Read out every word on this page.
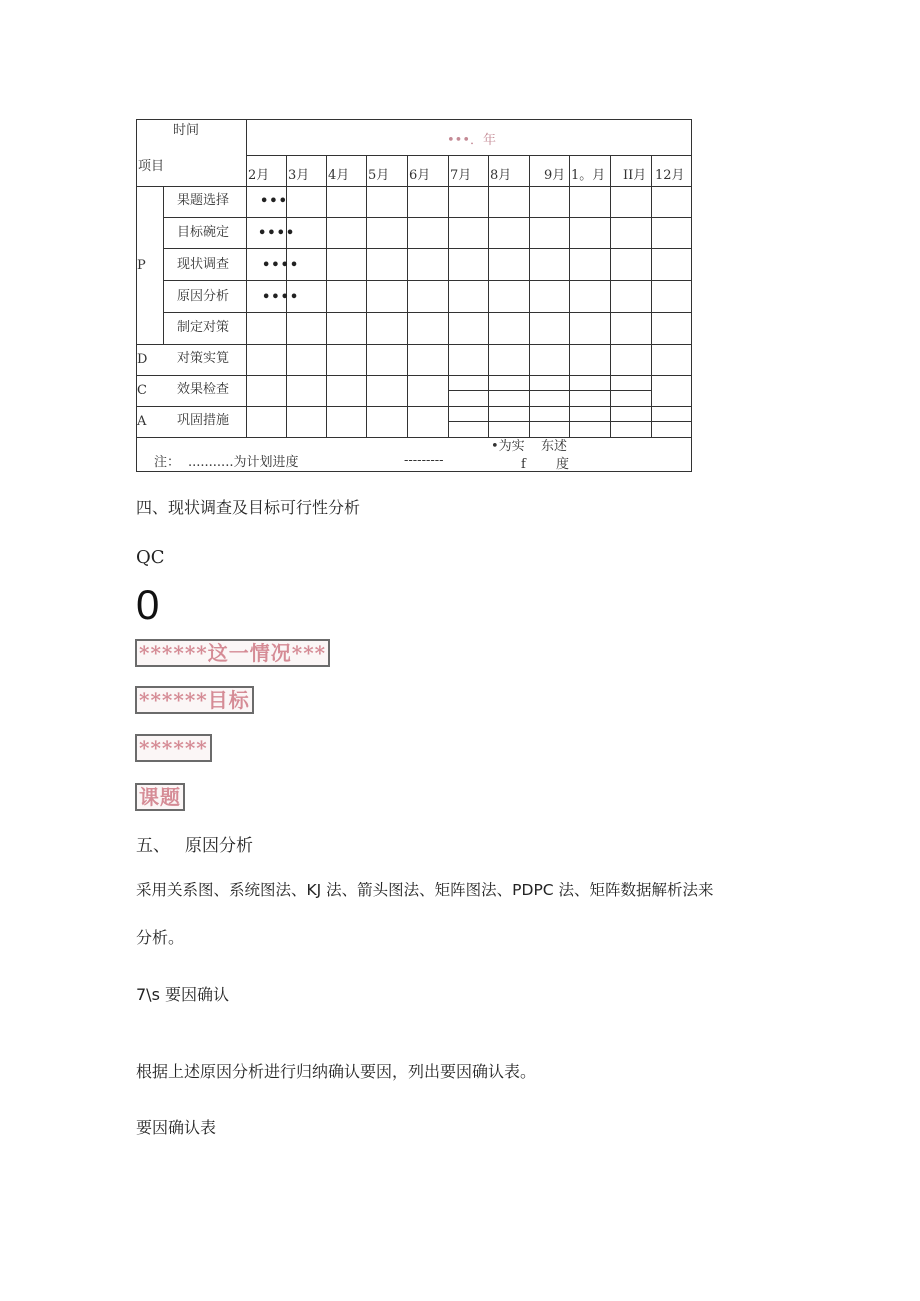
时间
项目
•••．年
2月 3月 4月 5月 6月 7月 8月	9月 1。月 II月 12月
P
D
C
A
果题选择
目标碗定
现状调查
原因分析
制定对策
对策实筧
效果检查
巩固措施
•••
••••
••••
••••
注： ...........为计划进度	---------
•为实 东述
f 度
四、现状调查及目标可行性分析
QC
0
******这一情况***
******目标
******
课题
五、 原因分析
采用关系图、系统图法、KJ 法、箭头图法、矩阵图法、PDPC 法、矩阵数据解析法来
分析。
7\s 要因确认
根据上述原因分析进行归纳确认要因，列出要因确认表。
要因确认表
